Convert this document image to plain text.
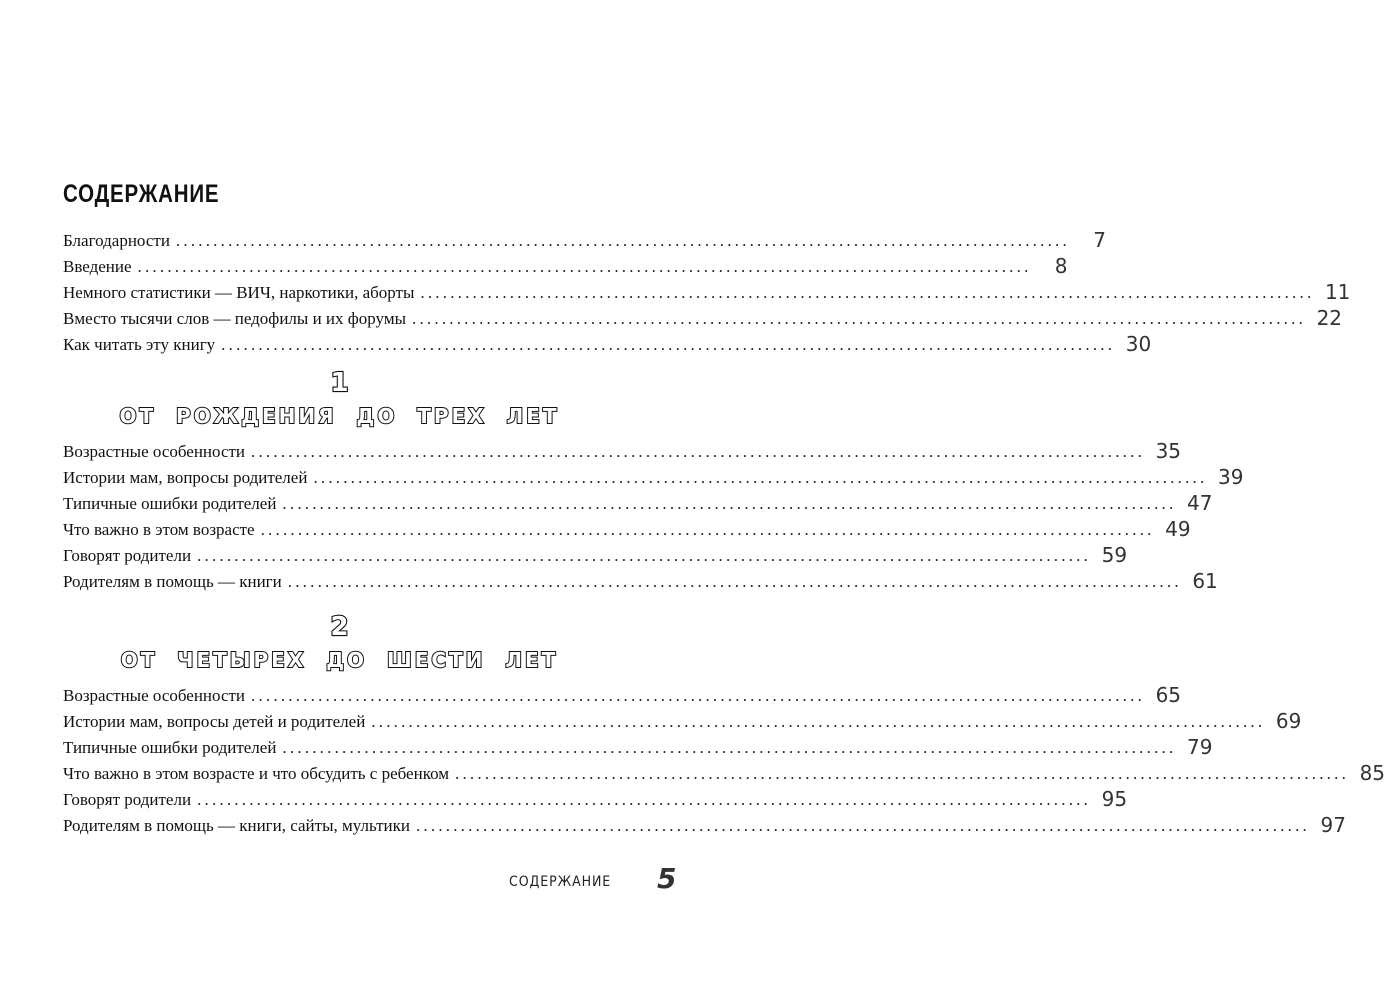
СОДЕРЖАНИЕ
Благодарности ........................................................................................................................	7
Введение ........................................................................................................................	8
Немного статистики — ВИЧ, наркотики, аборты ........................................................................................................................ 11
Вместо тысячи слов — педофилы и их форумы ........................................................................................................................ 22
Как читать эту книгу ........................................................................................................................ 30
1
ОТ РОЖДЕНИЯ ДО ТРЕХ ЛЕТ
Возрастные особенности ........................................................................................................................ 35
Истории мам, вопросы родителей ........................................................................................................................ 39
Типичные ошибки родителей ........................................................................................................................ 47
Что важно в этом возрасте ........................................................................................................................ 49
Говорят родители ........................................................................................................................ 59
Родителям в помощь — книги ........................................................................................................................ 61
2
ОТ ЧЕТЫРЕХ ДО ШЕСТИ ЛЕТ
Возрастные особенности ........................................................................................................................ 65
Истории мам, вопросы детей и родителей ........................................................................................................................ 69
Типичные ошибки родителей ........................................................................................................................ 79
Что важно в этом возрасте и что обсудить с ребенком ........................................................................................................................ 85
Говорят родители ........................................................................................................................ 95
Родителям в помощь — книги, сайты, мультики ........................................................................................................................ 97
СОДЕРЖАНИЕ 5
